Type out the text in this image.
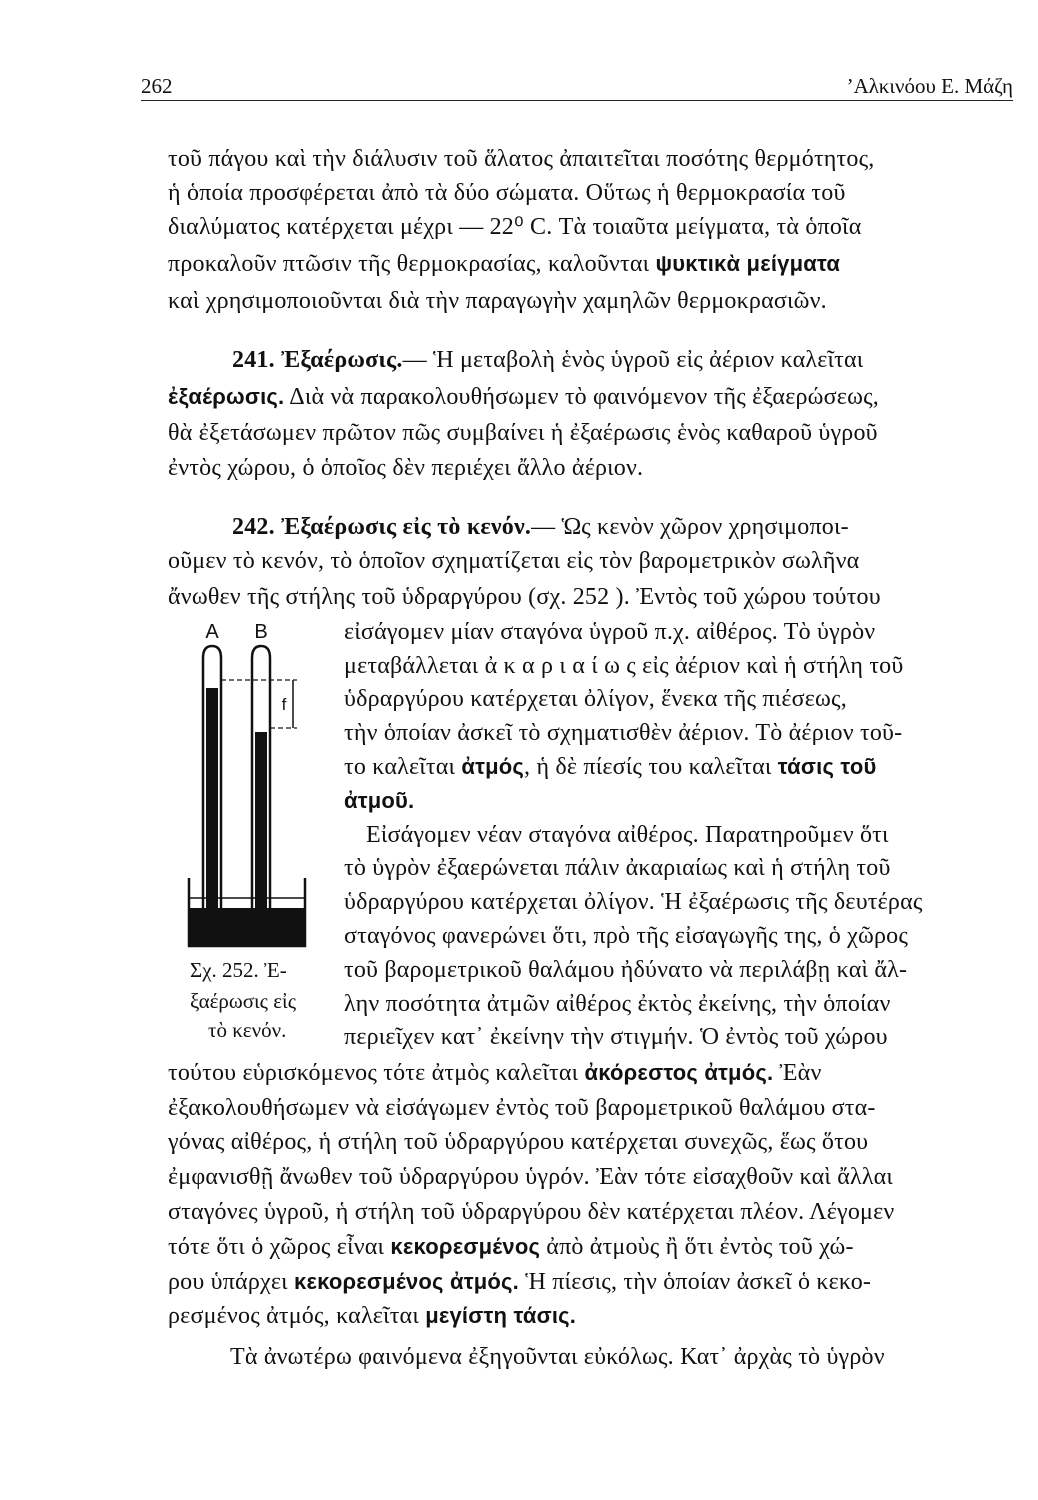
262	’Αλκινόου Ε. Μάζη
τοῦ πάγου καὶ τὴν διάλυσιν τοῦ ἅλατος ἀπαιτεῖται ποσότης θερμότητος,
ἡ ὁποία προσφέρεται ἀπὸ τὰ δύο σώματα. Οὕτως ἡ θερμοκρασία τοῦ
διαλύματος κατέρχεται μέχρι — 22⁰ C. Τὰ τοιαῦτα μείγματα, τὰ ὁποῖα
προκαλοῦν πτῶσιν τῆς θερμοκρασίας, καλοῦνται ψυκτικὰ μείγματα
καὶ χρησιμοποιοῦνται διὰ τὴν παραγωγὴν χαμηλῶν θερμοκρασιῶν.
241. Ἐξαέρωσις.— Ἡ μεταβολὴ ἑνὸς ὑγροῦ εἰς ἀέριον καλεῖται
ἐξαέρωσις. Διὰ νὰ παρακολουθήσωμεν τὸ φαινόμενον τῆς ἐξαερώσεως,
θὰ ἐξετάσωμεν πρῶτον πῶς συμβαίνει ἡ ἐξαέρωσις ἑνὸς καθαροῦ ὑγροῦ
ἐντὸς χώρου, ὁ ὁποῖος δὲν περιέχει ἄλλο ἀέριον.
242. Ἐξαέρωσις εἰς τὸ κενόν.— Ὡς κενὸν χῶρον χρησιμοποι-
οῦμεν τὸ κενόν, τὸ ὁποῖον σχηματίζεται εἰς τὸν βαρομετρικὸν σωλῆνα
ἄνωθεν τῆς στήλης τοῦ ὑδραργύρου (σχ. 252 ). Ἐντὸς τοῦ χώρου τούτου
εἰσάγομεν μίαν σταγόνα ὑγροῦ π.χ. αἰθέρος. Τὸ ὑγρὸν
μεταβάλλεται ἀ κ α ρ ι α ί ω ς εἰς ἀέριον καὶ ἡ στήλη τοῦ
ὑδραργύρου κατέρχεται ὀλίγον, ἕνεκα τῆς πιέσεως,
τὴν ὁποίαν ἀσκεῖ τὸ σχηματισθὲν ἀέριον. Τὸ ἀέριον τοῦ-
το καλεῖται ἀτμός, ἡ δὲ πίεσίς του καλεῖται τάσις τοῦ
ἀτμοῦ.
Εἰσάγομεν νέαν σταγόνα αἰθέρος. Παρατηροῦμεν ὅτι
τὸ ὑγρὸν ἐξαερώνεται πάλιν ἀκαριαίως καὶ ἡ στήλη τοῦ
ὑδραργύρου κατέρχεται ὀλίγον. Ἡ ἐξαέρωσις τῆς δευτέρας
σταγόνος φανερώνει ὅτι, πρὸ τῆς εἰσαγωγῆς της, ὁ χῶρος
τοῦ βαρομετρικοῦ θαλάμου ἠδύνατο νὰ περιλάβῃ καὶ ἄλ-
λην ποσότητα ἀτμῶν αἰθέρος ἐκτὸς ἐκείνης, τὴν ὁποίαν
περιεῖχεν κατ᾽ ἐκείνην τὴν στιγμήν. Ὁ ἐντὸς τοῦ χώρου
A B
f
Σχ. 252. Ἐ-
ξαέρωσις εἰς
τὸ κενόν.
τούτου εὑρισκόμενος τότε ἀτμὸς καλεῖται ἀκόρεστος ἀτμός. Ἐὰν
ἐξακολουθήσωμεν νὰ εἰσάγωμεν ἐντὸς τοῦ βαρομετρικοῦ θαλάμου στα-
γόνας αἰθέρος, ἡ στήλη τοῦ ὑδραργύρου κατέρχεται συνεχῶς, ἕως ὅτου
ἐμφανισθῇ ἄνωθεν τοῦ ὑδραργύρου ὑγρόν. Ἐὰν τότε εἰσαχθοῦν καὶ ἄλλαι
σταγόνες ὑγροῦ, ἡ στήλη τοῦ ὑδραργύρου δὲν κατέρχεται πλέον. Λέγομεν
τότε ὅτι ὁ χῶρος εἶναι κεκορεσμένος ἀπὸ ἀτμοὺς ἢ ὅτι ἐντὸς τοῦ χώ-
ρου ὑπάρχει κεκορεσμένος ἀτμός. Ἡ πίεσις, τὴν ὁποίαν ἀσκεῖ ὁ κεκο-
ρεσμένος ἀτμός, καλεῖται μεγίστη τάσις.
Τὰ ἀνωτέρω φαινόμενα ἐξηγοῦνται εὐκόλως. Κατ᾽ ἀρχὰς τὸ ὑγρὸν
